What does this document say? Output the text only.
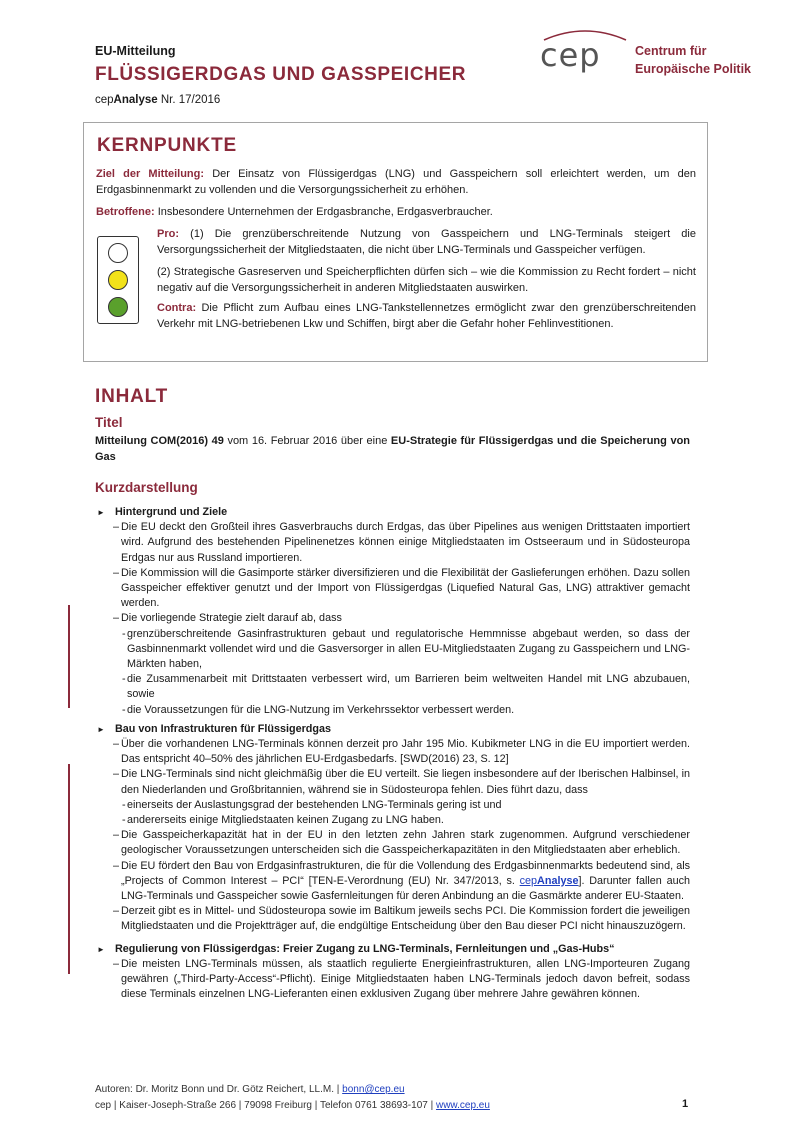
EU-Mitteilung
FLÜSSIGERDGAS UND GASSPEICHER
cepAnalyse Nr. 17/2016
cep	Centrum für
Europäische Politik
KERNPUNKTE
Ziel der Mitteilung: Der Einsatz von Flüssigerdgas (LNG) und Gasspeichern soll erleichtert werden, um den Erdgasbinnenmarkt zu vollenden und die Versorgungssicherheit zu erhöhen.
Betroffene: Insbesondere Unternehmen der Erdgasbranche, Erdgasverbraucher.
Pro: (1) Die grenzüberschreitende Nutzung von Gasspeichern und LNG-Terminals steigert die Versorgungssicherheit der Mitgliedstaaten, die nicht über LNG-Terminals und Gasspeicher verfügen.
(2) Strategische Gasreserven und Speicherpflichten dürfen sich – wie die Kommission zu Recht fordert – nicht negativ auf die Versorgungssicherheit in anderen Mitgliedstaaten auswirken.
Contra: Die Pflicht zum Aufbau eines LNG-Tankstellennetzes ermöglicht zwar den grenzüberschreitenden Verkehr mit LNG-betriebenen Lkw und Schiffen, birgt aber die Gefahr hoher Fehlinvestitionen.
INHALT
Titel
Mitteilung COM(2016) 49 vom 16. Februar 2016 über eine EU-Strategie für Flüssigerdgas und die Speicherung von Gas
Kurzdarstellung
► Hintergrund und Ziele
– Die EU deckt den Großteil ihres Gasverbrauchs durch Erdgas, das über Pipelines aus wenigen Drittstaaten importiert wird. Aufgrund des bestehenden Pipelinenetzes können einige Mitgliedstaaten im Ostseeraum und in Südosteuropa Erdgas nur aus Russland importieren.
– Die Kommission will die Gasimporte stärker diversifizieren und die Flexibilität der Gaslieferungen erhöhen. Dazu sollen Gasspeicher effektiver genutzt und der Import von Flüssigerdgas (Liquefied Natural Gas, LNG) attraktiver gemacht werden.
– Die vorliegende Strategie zielt darauf ab, dass
- grenzüberschreitende Gasinfrastrukturen gebaut und regulatorische Hemmnisse abgebaut werden, so dass der Gasbinnenmarkt vollendet wird und die Gasversorger in allen EU-Mitgliedstaaten Zugang zu Gasspeichern und LNG-Märkten haben,
- die Zusammenarbeit mit Drittstaaten verbessert wird, um Barrieren beim weltweiten Handel mit LNG abzubauen, sowie
- die Voraussetzungen für die LNG-Nutzung im Verkehrssektor verbessert werden.
► Bau von Infrastrukturen für Flüssigerdgas
– Über die vorhandenen LNG-Terminals können derzeit pro Jahr 195 Mio. Kubikmeter LNG in die EU importiert werden. Das entspricht 40–50% des jährlichen EU-Erdgasbedarfs. [SWD(2016) 23, S. 12]
– Die LNG-Terminals sind nicht gleichmäßig über die EU verteilt. Sie liegen insbesondere auf der Iberischen Halbinsel, in den Niederlanden und Großbritannien, während sie in Südosteuropa fehlen. Dies führt dazu, dass
- einerseits der Auslastungsgrad der bestehenden LNG-Terminals gering ist und
- andererseits einige Mitgliedstaaten keinen Zugang zu LNG haben.
– Die Gasspeicherkapazität hat in der EU in den letzten zehn Jahren stark zugenommen. Aufgrund verschiedener geologischer Voraussetzungen unterscheiden sich die Gasspeicherkapazitäten in den Mitgliedstaaten aber erheblich.
– Die EU fördert den Bau von Erdgasinfrastrukturen, die für die Vollendung des Erdgasbinnenmarkts bedeutend sind, als „Projects of Common Interest – PCI“ [TEN-E-Verordnung (EU) Nr. 347/2013, s. cepAnalyse]. Darunter fallen auch LNG-Terminals und Gasspeicher sowie Gasfernleitungen für deren Anbindung an die Gasmärkte anderer EU-Staaten.
– Derzeit gibt es in Mittel- und Südosteuropa sowie im Baltikum jeweils sechs PCI. Die Kommission fordert die jeweiligen Mitgliedstaaten und die Projektträger auf, die endgültige Entscheidung über den Bau dieser PCI nicht hinauszuzögern.
► Regulierung von Flüssigerdgas: Freier Zugang zu LNG-Terminals, Fernleitungen und „Gas-Hubs“
– Die meisten LNG-Terminals müssen, als staatlich regulierte Energieinfrastrukturen, allen LNG-Importeuren Zugang gewähren („Third-Party-Access“-Pflicht). Einige Mitgliedstaaten haben LNG-Terminals jedoch davon befreit, sodass diese Terminals einzelnen LNG-Lieferanten einen exklusiven Zugang über mehrere Jahre gewähren können.
Autoren: Dr. Moritz Bonn und Dr. Götz Reichert, LL.M. | bonn@cep.eu
cep | Kaiser-Joseph-Straße 266 | 79098 Freiburg | Telefon 0761 38693-107 | www.cep.eu	1
